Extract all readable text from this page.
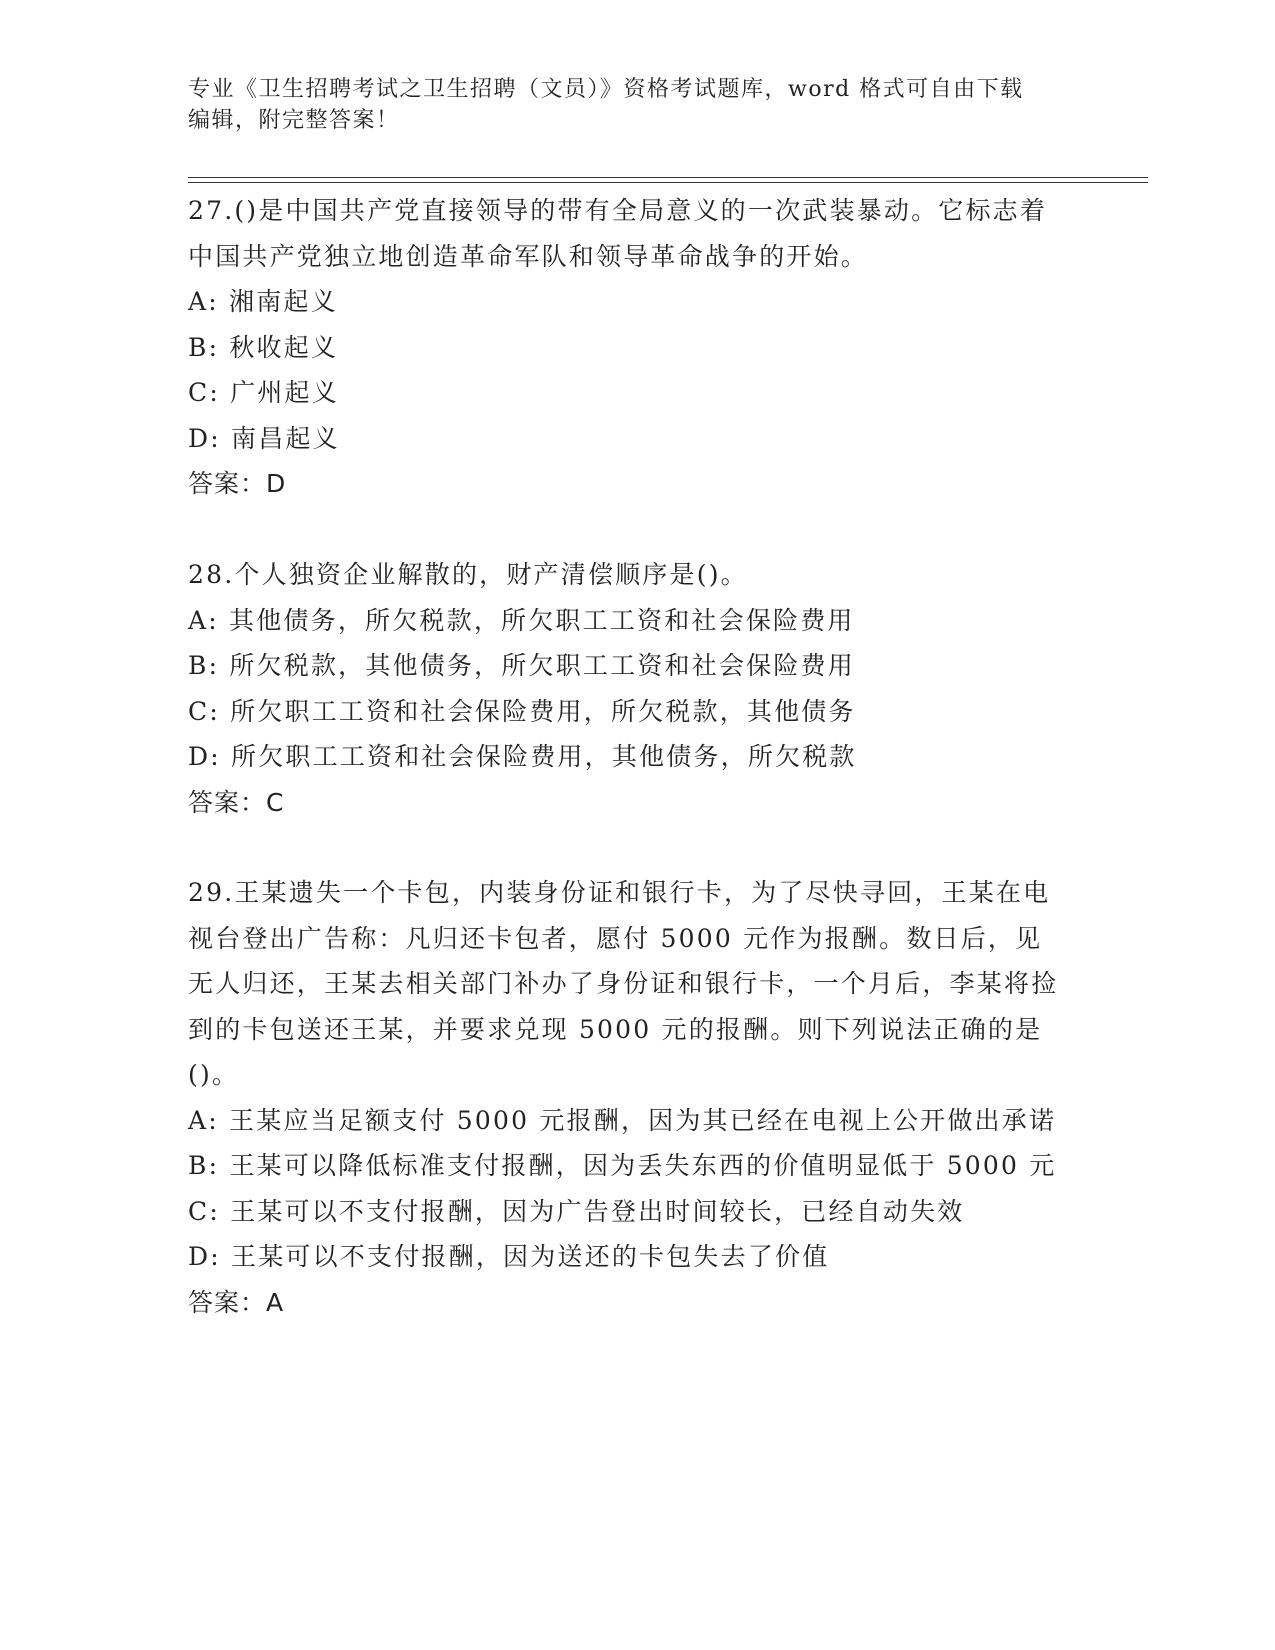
专业《卫生招聘考试之卫生招聘（文员）》资格考试题库，word 格式可自由下载
编辑，附完整答案！
27.()是中国共产党直接领导的带有全局意义的一次武装暴动。它标志着中国共产党独立地创造革命军队和领导革命战争的开始。
A: 湘南起义
B: 秋收起义
C: 广州起义
D: 南昌起义
答案：D
28.个人独资企业解散的，财产清偿顺序是()。
A: 其他债务，所欠税款，所欠职工工资和社会保险费用
B: 所欠税款，其他债务，所欠职工工资和社会保险费用
C: 所欠职工工资和社会保险费用，所欠税款，其他债务
D: 所欠职工工资和社会保险费用，其他债务，所欠税款
答案：C
29.王某遗失一个卡包，内装身份证和银行卡，为了尽快寻回，王某在电视台登出广告称：凡归还卡包者，愿付 5000 元作为报酬。数日后，见无人归还，王某去相关部门补办了身份证和银行卡，一个月后，李某将捡到的卡包送还王某，并要求兑现 5000 元的报酬。则下列说法正确的是()。
A: 王某应当足额支付 5000 元报酬，因为其已经在电视上公开做出承诺
B: 王某可以降低标准支付报酬，因为丢失东西的价值明显低于 5000 元
C: 王某可以不支付报酬，因为广告登出时间较长，已经自动失效
D: 王某可以不支付报酬，因为送还的卡包失去了价值
答案：A
